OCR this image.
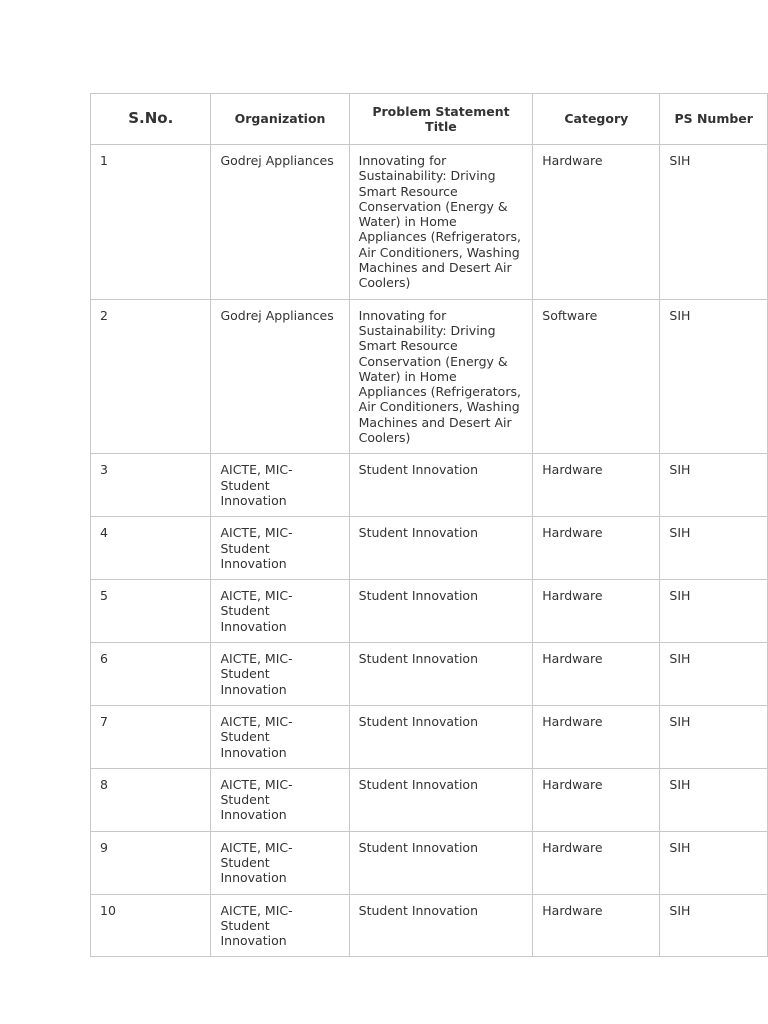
S.No.	Organization	Problem Statement Title	Category	PS Number
1	Godrej Appliances	Innovating for Sustainability: Driving Smart Resource Conservation (Energy & Water) in Home Appliances (Refrigerators, Air Conditioners, Washing Machines and Desert Air Coolers)	Hardware	SIH
2	Godrej Appliances	Innovating for Sustainability: Driving Smart Resource Conservation (Energy & Water) in Home Appliances (Refrigerators, Air Conditioners, Washing Machines and Desert Air Coolers)	Software	SIH
3	AICTE, MIC-Student Innovation	Student Innovation	Hardware	SIH
4	AICTE, MIC-Student Innovation	Student Innovation	Hardware	SIH
5	AICTE, MIC-Student Innovation	Student Innovation	Hardware	SIH
6	AICTE, MIC-Student Innovation	Student Innovation	Hardware	SIH
7	AICTE, MIC-Student Innovation	Student Innovation	Hardware	SIH
8	AICTE, MIC-Student Innovation	Student Innovation	Hardware	SIH
9	AICTE, MIC-Student Innovation	Student Innovation	Hardware	SIH
10	AICTE, MIC-Student Innovation	Student Innovation	Hardware	SIH
